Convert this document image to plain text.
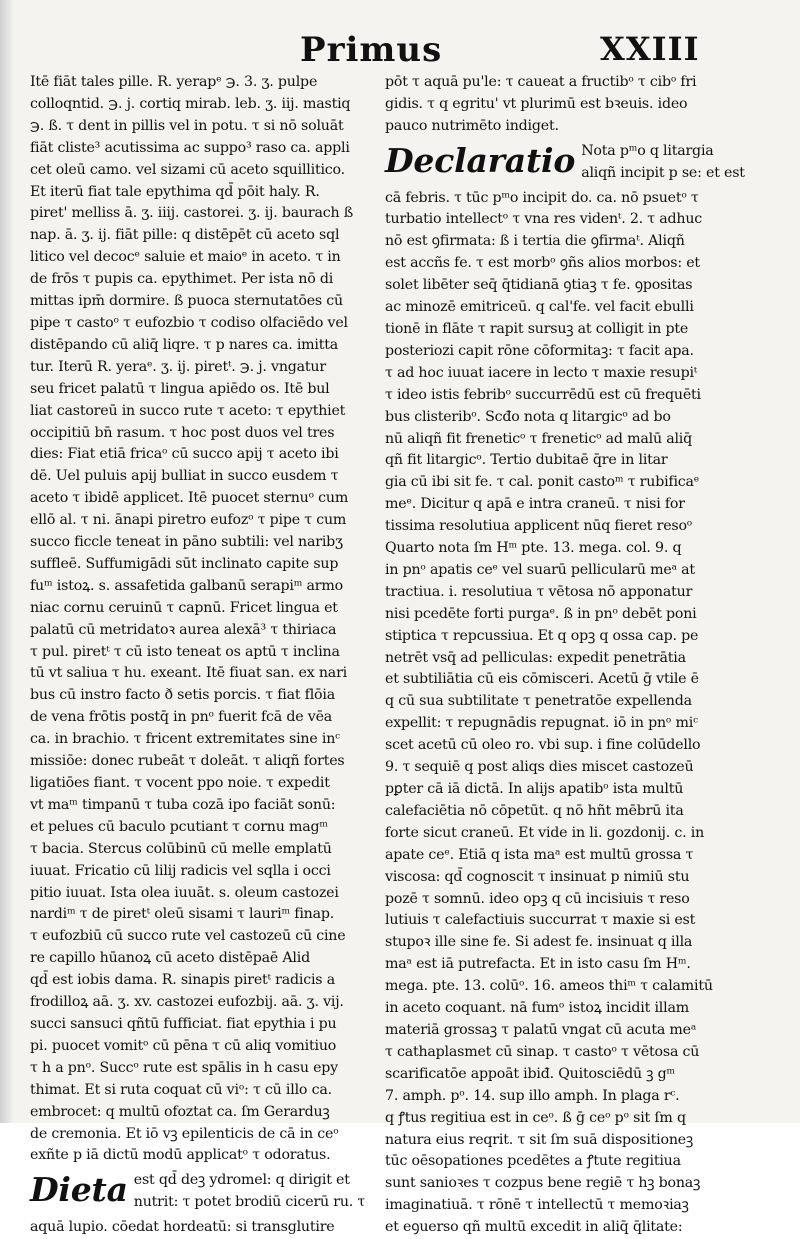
Primus	XXIII
Itē fiāt tales pille. R. yerapᵉ ℈. 3. ʒ. pulpe
colloqntid. ℈. j. cortiq mirab. leb. ʒ. iij. mastiq
℈. ß. τ dent in pillis vel in potu. τ si nō soluāt
fiāt cliste³ acutissima ac suppo³ raso ca. appli
cet oleū camo. vel sizami cū aceto squillitico.
Et iterū fiat tale epythima qd̄ pōit haly. R.
piret' melliss ā. ʒ. iiij. castorei. ʒ. ij. baurach ß
nap. ā. ʒ. ij. fiāt pille: q distēpēt cū aceto sql
litico vel decocᵉ saluie et maioᵉ in aceto. τ in
de frōs τ pupis ca. epythimet. Per ista nō di
mittas ipm̄ dormire. ß puoca sternutatōes cū
pipe τ castoᵒ τ eufozbio τ codiso olfaciēdo vel
distēpando cū aliq̄ liqre. τ p nares ca. imitta
tur. Iterū R. yeraᵉ. ʒ. ij. piretᵗ. ℈. j. vngatur
seu fricet palatū τ lingua apiēdo os. Itē bul
liat castoreū in succo rute τ aceto: τ epythiet
occipitiū bn̄ rasum. τ hoc post duos vel tres
dies: Fiat etiā fricaᵒ cū succo apij τ aceto ibi
dē. Uel puluis apij bulliat in succo eusdem τ
aceto τ ibidē applicet. Itē puocet sternuᵒ cum
ellō al. τ ni. ānapi piretro eufozᵒ τ pipe τ cum
succo ficcle teneat in pāno subtili: vel naribʒ
suffleē. Suffumigādi sūt inclinato capite sup
fuᵐ istoꝝ. s. assafetida galbanū serapiᵐ armo
niac cornu ceruinū τ capnū. Fricet lingua et
palatū cū metridatoꝛ aurea alexā³ τ thiriaca
τ pul. piretᵗ τ cū isto teneat os aptū τ inclina
tū vt saliua τ hu. exeant. Itē fiuat san. ex nari
bus cū instro facto ð setis porcis. τ fiat flōia
de vena frōtis postq̄ in pnᵒ fuerit fcā de vēa
ca. in brachio. τ fricent extremitates sine inᶜ
missiōe: donec rubeāt τ doleāt. τ aliqñ fortes
ligatiōes fiant. τ vocent ppo noie. τ expedit
vt maᵐ timpanū τ tuba cozā ipo faciāt sonū:
et pelues cū baculo pcutiant τ cornu magᵐ
τ bacia. Stercus colūbinū cū melle emplatū
iuuat. Fricatio cū lilij radicis vel sqlla i occi
pitio iuuat. Ista olea iuuāt. s. oleum castozei
nardiᵐ τ de piretᵗ oleū sisami τ lauriᵐ finap.
τ eufozbiū cū succo rute vel castozeū cū cine
re capillo hūanoꝝ cū aceto distēpaē Alid
qd̄ est iobis dama. R. sinapis piretᵗ radicis a
frodilloꝝ aā. ʒ. xv. castozei eufozbij. aā. ʒ. vij.
succi sansuci qñtū fufficiat. fiat epythia i pu
pi. puocet vomitᵒ cū pēna τ cū aliq vomitiuo
τ h a pnᵒ. Succᵒ rute est spālis in h casu epy
thimat. Et si ruta coquat cū viᵒ: τ cū illo ca.
embrocet: q multū ofoztat ca. ſm Gerarduꝫ
de cremonia. Et iō vꝫ epilenticis de cā in ceᵒ
exñte p iā dictū modū applicatᵒ τ odoratus.
Dieta est qd̄ deꝫ ydromel: q dirigit et
nutrit: τ potet brodiū cicerū ru. τ
aquā lupio. cōedat hordeatū: si transglutire
pōt τ aquā pu'le: τ caueat a fructibᵒ τ cibᵒ fri
gidis. τ q egritu' vt plurimū est bꝛeuis. ideo
pauco nutrimēto indiget.
Declaratio Nota pᵐo q litargia
aliqñ incipit p se: et est
cā febris. τ tūc pᵐo incipit do. ca. nō psuetᵒ τ
turbatio intellectᵒ τ vna res videnᵗ. 2. τ adhuc
nō est ꝯfirmata: ß i tertia die ꝯfirmaᵗ. Aliqñ
est accñs fe. τ est morbᵒ ꝯñs alios morbos: et
solet libēter seq̄ q̄tidianā ꝯtiaꝫ τ fe. ꝯpositas
ac minozē emitriceū. q cal'fe. vel facit ebulli
tionē in flāte τ rapit sursuꝫ at colligit in pte
posteriozi capit rōne cōformitaꝫ: τ facit apa.
τ ad hoc iuuat iacere in lecto τ maxie resupiᵗ
τ ideo istis febribᵒ succurrēdū est cū frequēti
bus clisteribᵒ. Scđo nota q litargicᵒ ad bo
nū aliqñ fit freneticᵒ τ freneticᵒ ad malū aliq̄
qñ fit litargicᵒ. Tertio dubitaē q̄re in litar
gia cū ibi sit fe. τ cal. ponit castoᵐ τ rubificaᵉ
meᵉ. Dicitur q apā e intra craneū. τ nisi for
tissima resolutiua applicent nūq fieret resoᵒ
Quarto nota ſm Hᵐ pte. 13. mega. col. 9. q
in pnᵒ apatis ceᵉ vel suarū pellicularū meᵃ at
tractiua. i. resolutiua τ vētosa nō apponatur
nisi pcedēte forti purgaᵉ. ß in pnᵒ debēt poni
stiptica τ repcussiua. Et q opꝫ q ossa cap. pe
netrēt vsq̄ ad pelliculas: expedit penetrātia
et subtiliātia cū eis cōmisceri. Acetū ḡ vtile ē
q cū sua subtilitate τ penetratōe expellenda
expellit: τ repugnādis repugnat. iō in pnᵒ miᶜ
scet acetū cū oleo ro. vbi sup. i fine colūdello
9. τ sequiē q post aliqs dies miscet castozeū
pꝑter cā iā dictā. In alijs apatibᵒ ista multū
calefaciētia nō cōpetūt. q nō hñt mēbrū ita
forte sicut craneū. Et vide in li. gozdonij. c. in
apate ceᵉ. Etiā q ista maᵃ est multū grossa τ
viscosa: qd̄ cognoscit τ insinuat p nimiū stu
pozē τ somnū. ideo opꝫ q cū incisiuis τ reso
lutiuis τ calefactiuis succurrat τ maxie si est
stupoꝛ ille sine fe. Si adest fe. insinuat q illa
maᵃ est iā putrefacta. Et in isto casu ſm Hᵐ.
mega. pte. 13. colūᵒ. 16. ameos thiᵐ τ calamitū
in aceto coquant. nā fumᵒ istoꝝ incidit illam
materiā grossaꝫ τ palatū vngat cū acuta meᵃ
τ cathaplasmet cū sinap. τ castoᵒ τ vētosa cū
scarificatōe appoāt ibiđ. Quitosciēdū ꝫ gᵐ
7. amph. pᵒ. 14. sup illo amph. In plaga rᶜ.
q ꝭtus regitiua est in ceᵒ. ß ḡ ceᵒ pᵒ sit ſm q
natura eius reqrit. τ sit ſm suā dispositioneꝫ
tūc oēsopationes pcedētes a ꝭtute regitiua
sunt sanioꝛes τ cozpus bene regiē τ hꝫ bonaꝫ
imaginatiuā. τ rōnē τ intellectū τ memoꝛiaꝫ
et eꝯuerso qñ multū excedit in aliq̄ q̄litate:
